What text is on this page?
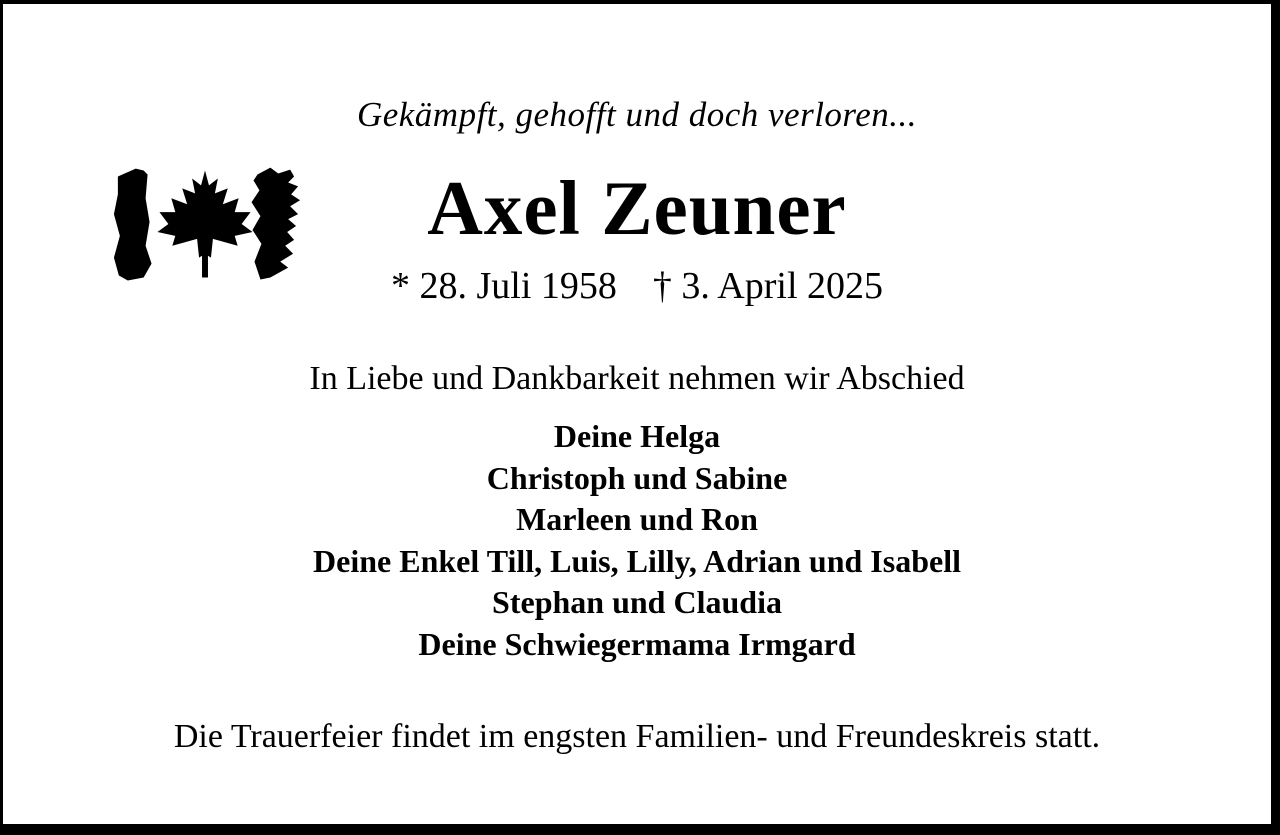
Gekämpft, gehofft und doch verloren...
Axel Zeuner
* 28. Juli 1958 † 3. April 2025
In Liebe und Dankbarkeit nehmen wir Abschied
Deine Helga
Christoph und Sabine
Marleen und Ron
Deine Enkel Till, Luis, Lilly, Adrian und Isabell
Stephan und Claudia
Deine Schwiegermama Irmgard
Die Trauerfeier findet im engsten Familien- und Freundeskreis statt.
